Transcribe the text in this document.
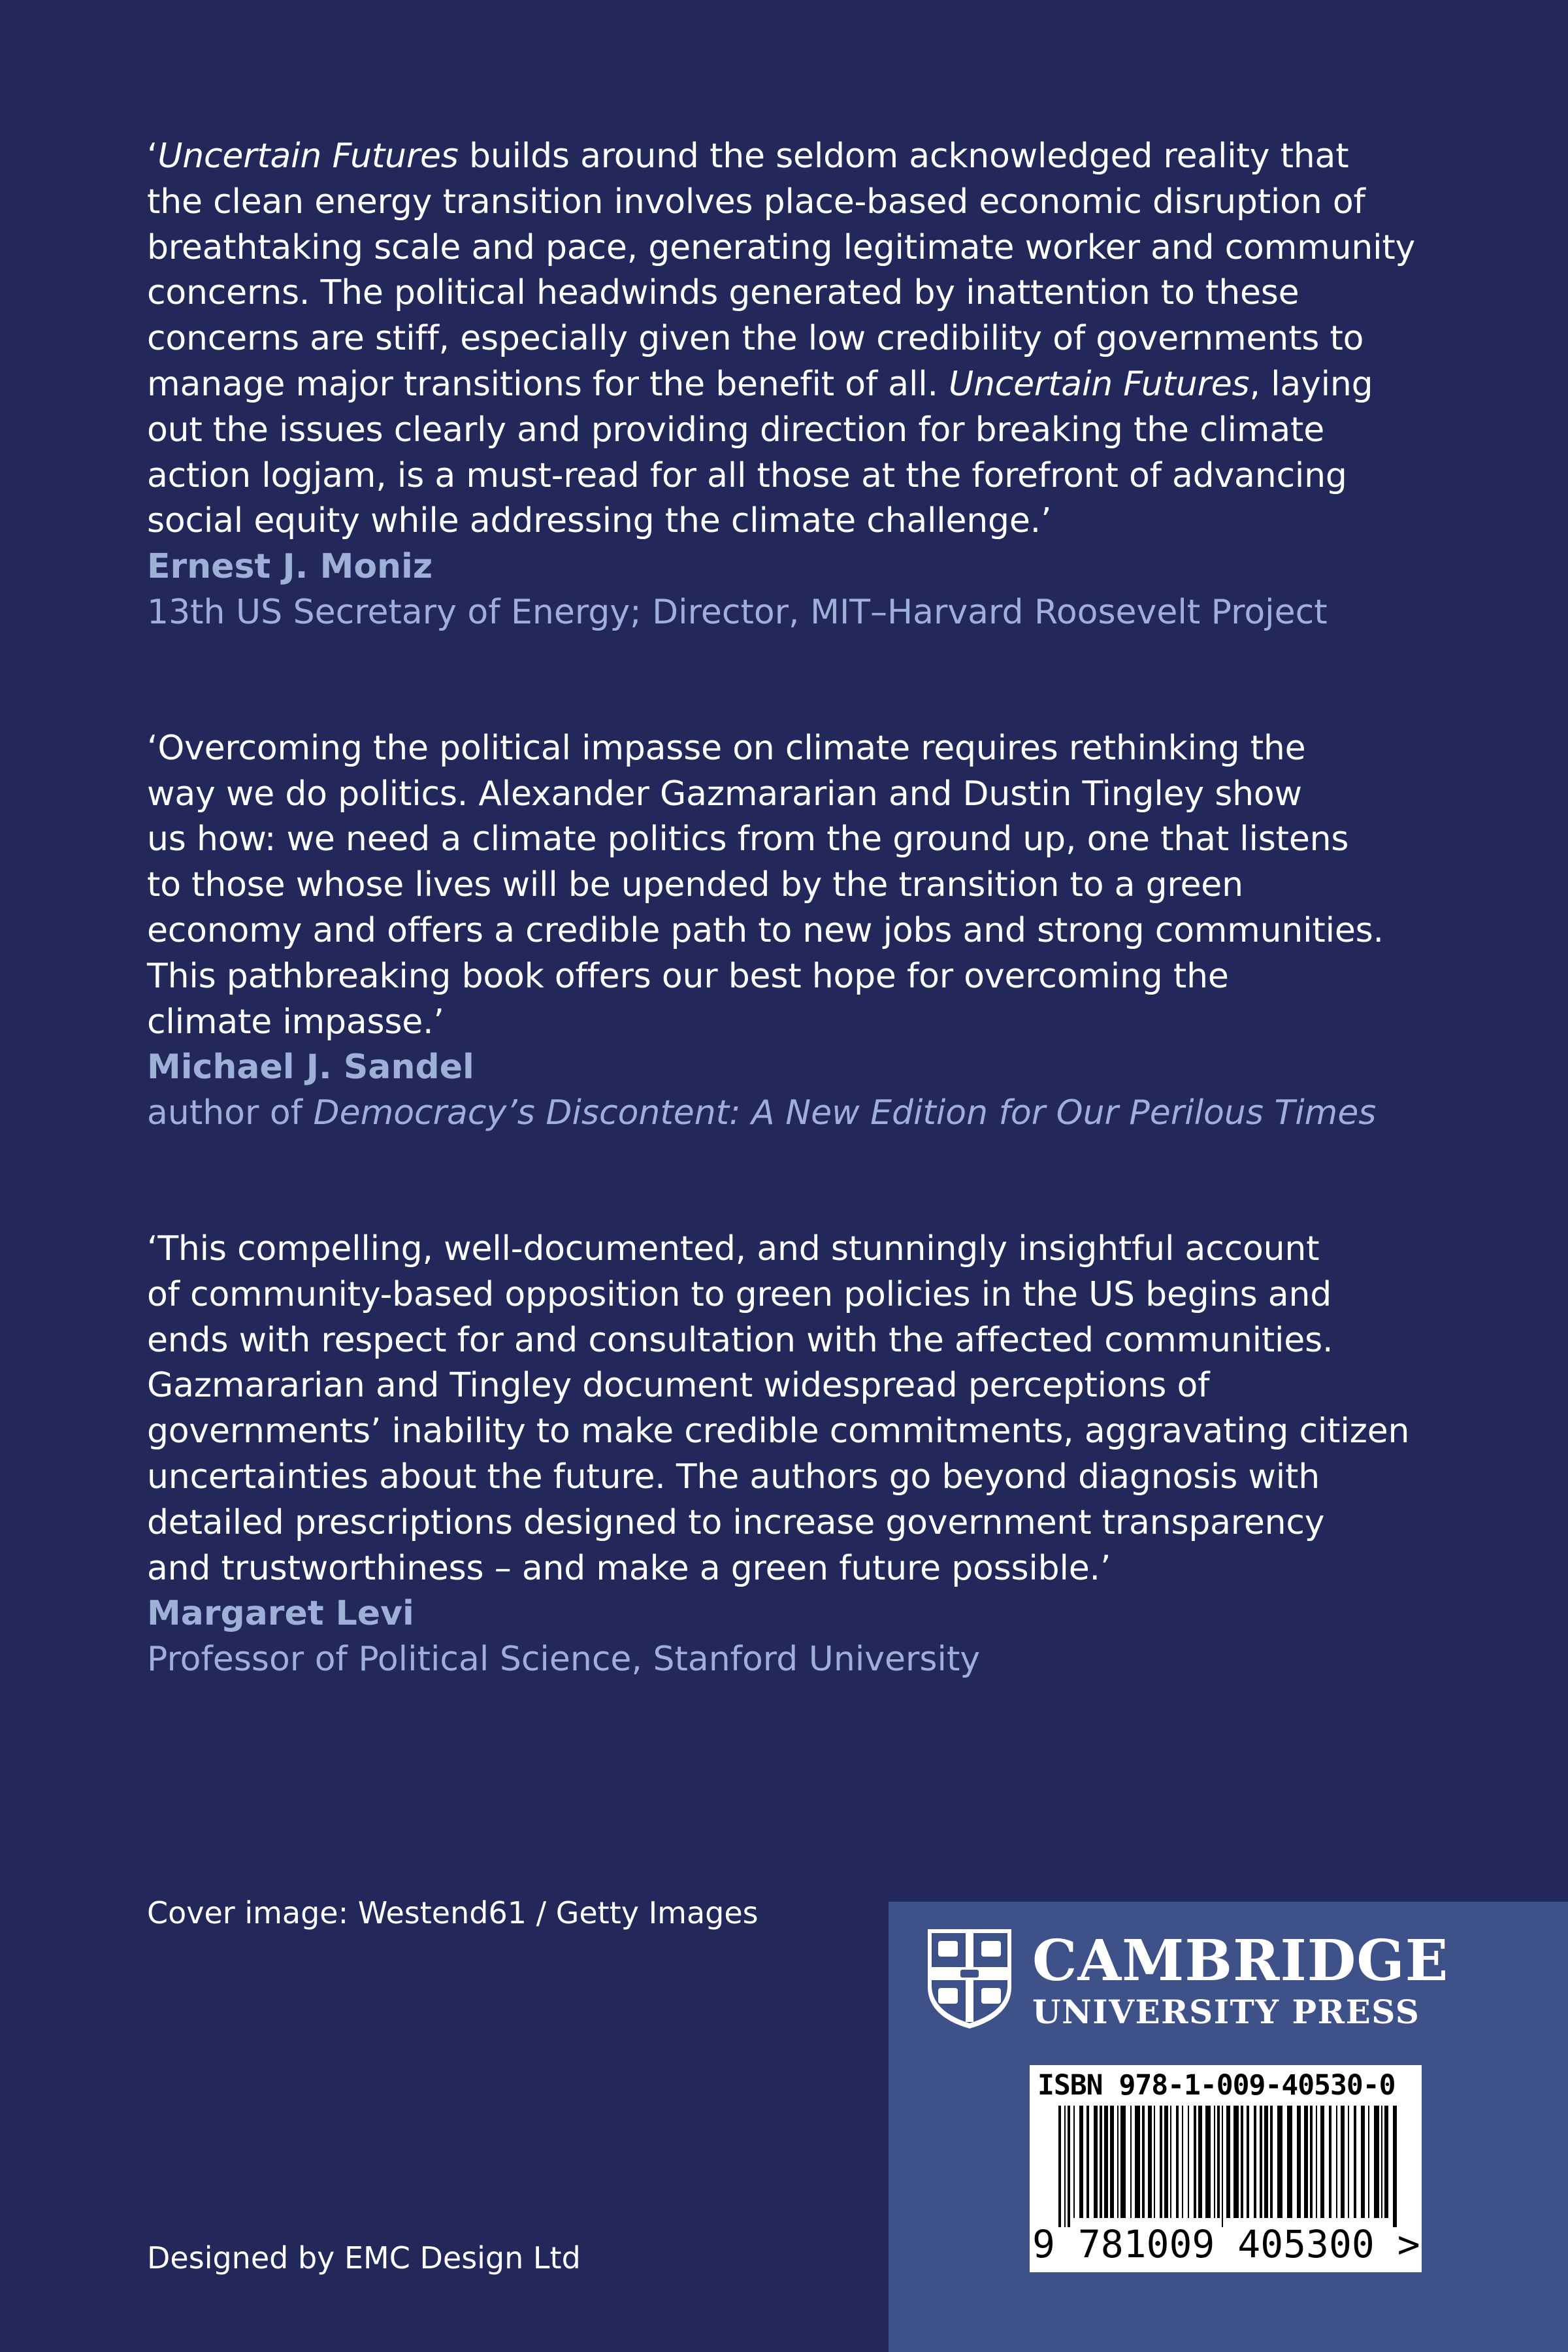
‘Uncertain Futures builds around the seldom acknowledged reality that
the clean energy transition involves place-based economic disruption of
breathtaking scale and pace, generating legitimate worker and community
concerns. The political headwinds generated by inattention to these
concerns are stiff, especially given the low credibility of governments to
manage major transitions for the benefit of all. Uncertain Futures, laying
out the issues clearly and providing direction for breaking the climate
action logjam, is a must-read for all those at the forefront of advancing
social equity while addressing the climate challenge.’

Ernest J. Moniz
13th US Secretary of Energy; Director, MIT–Harvard Roosevelt Project

‘Overcoming the political impasse on climate requires rethinking the
way we do politics. Alexander Gazmararian and Dustin Tingley show
us how: we need a climate politics from the ground up, one that listens
to those whose lives will be upended by the transition to a green
economy and offers a credible path to new jobs and strong communities.
This pathbreaking book offers our best hope for overcoming the
climate impasse.’

Michael J. Sandel
author of Democracy’s Discontent: A New Edition for Our Perilous Times

‘This compelling, well-documented, and stunningly insightful account
of community-based opposition to green policies in the US begins and
ends with respect for and consultation with the affected communities.
Gazmararian and Tingley document widespread perceptions of
governments’ inability to make credible commitments, aggravating citizen
uncertainties about the future. The authors go beyond diagnosis with
detailed prescriptions designed to increase government transparency
and trustworthiness – and make a green future possible.’

Margaret Levi
Professor of Political Science, Stanford University
Cover image: Westend61 / Getty Images
Designed by EMC Design Ltd
CAMBRIDGE
UNIVERSITY PRESS
ISBN 978-1-009-40530-0
9 781009 405300 >
